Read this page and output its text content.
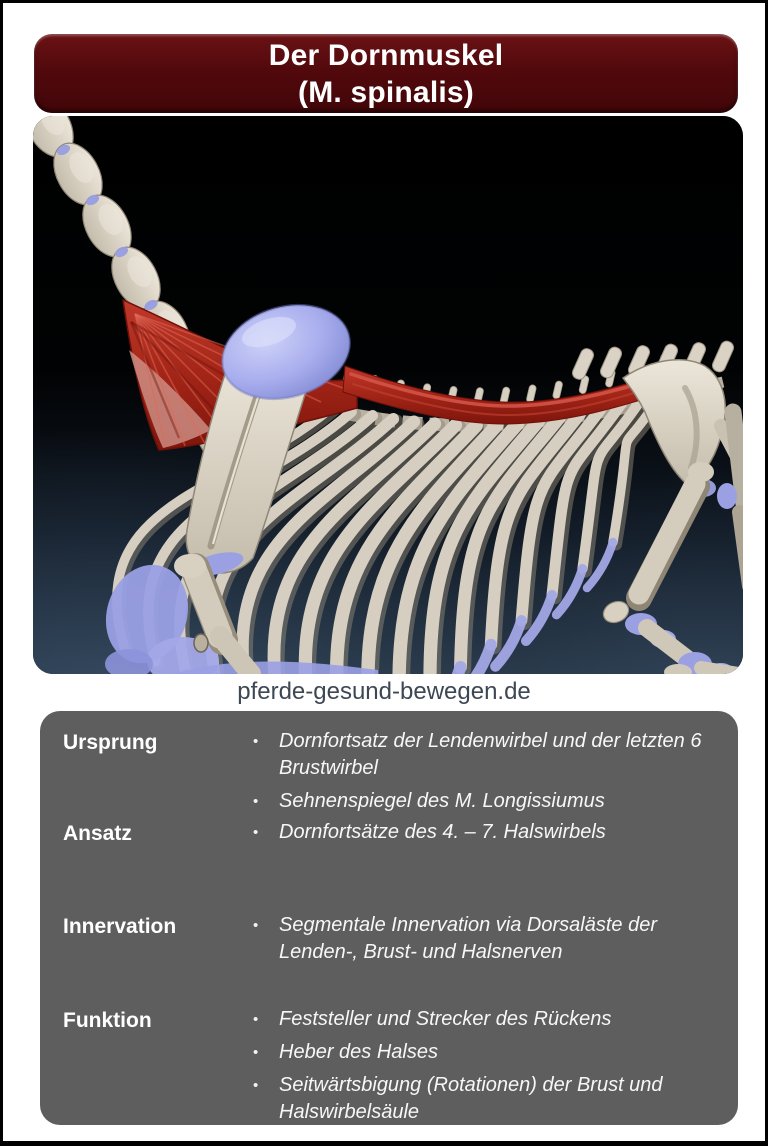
Der Dornmuskel
(M. spinalis)
pferde-gesund-bewegen.de
Ursprung	•	Dornfortsatz der Lendenwirbel und der letzten 6 Brustwirbel
•	Sehnenspiegel des M. Longissiumus
Ansatz	•	Dornfortsätze des 4. – 7. Halswirbels
Innervation	•	Segmentale Innervation via Dorsaläste der Lenden-, Brust- und Halsnerven
Funktion	•	Feststeller und Strecker des Rückens
•	Heber des Halses
•	Seitwärtsbigung (Rotationen) der Brust und Halswirbelsäule
